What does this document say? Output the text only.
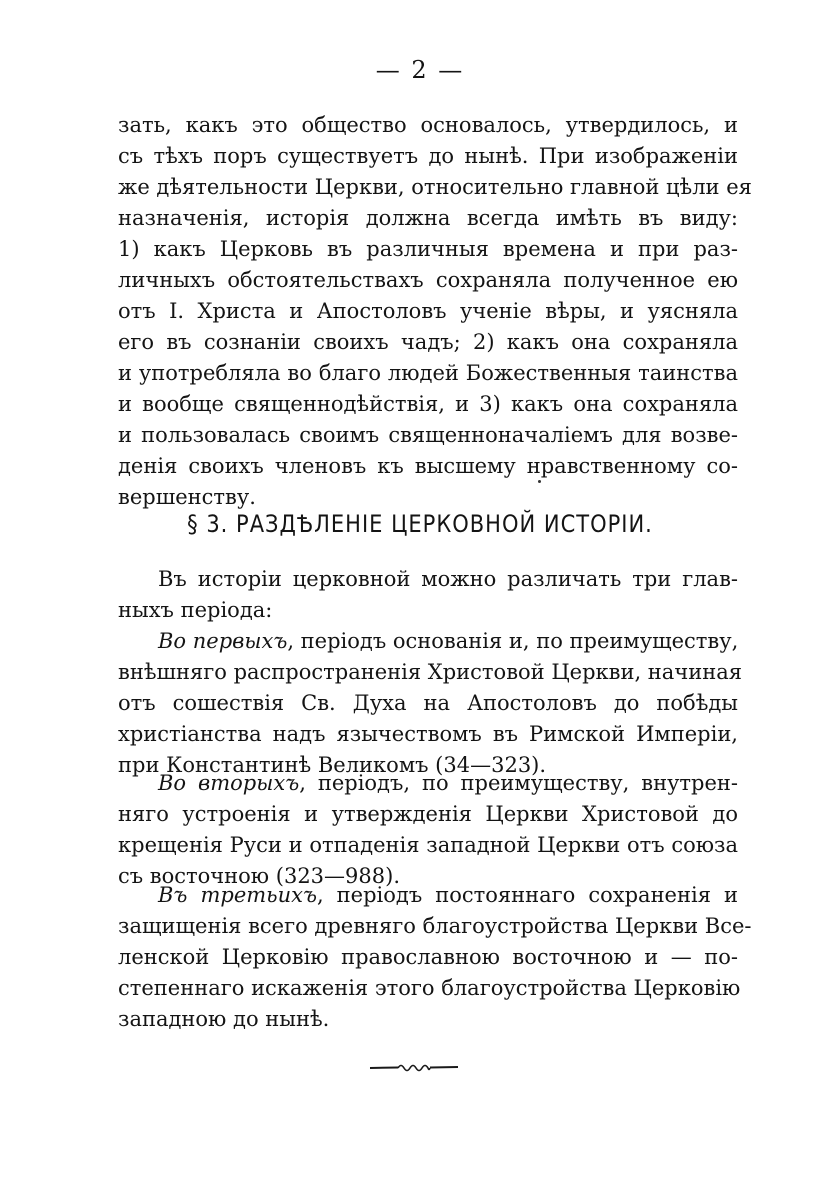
— 2 —
зать, какъ это общество основалось, утвердилось, и
съ тѣхъ поръ существуетъ до нынѣ. При изображеніи
же дѣятельности Церкви, относительно главной цѣли ея
назначенія, исторія должна всегда имѣть въ виду:
1) какъ Церковь въ различныя времена и при раз-
личныхъ обстоятельствахъ сохраняла полученное ею
отъ І. Христа и Апостоловъ ученіе вѣры, и уясняла
его въ сознаніи своихъ чадъ; 2) какъ она сохраняла
и употребляла во благо людей Божественныя таинства
и вообще священнодѣйствія, и 3) какъ она сохраняла
и пользовалась своимъ священноначаліемъ для возве-
денія своихъ членовъ къ высшему нравственному со-
вершенству.
§ 3. РАЗДѢЛЕНІЕ ЦЕРКОВНОЙ ИСТОРІИ.
Въ исторіи церковной можно различать три глав-
ныхъ періода:
Во первыхъ, періодъ основанія и, по преимуществу,
внѣшняго распространенія Христовой Церкви, начиная
отъ сошествія Св. Духа на Апостоловъ до побѣды
христіанства надъ язычествомъ въ Римской Имперіи,
при Константинѣ Великомъ (34—323).
Во вторыхъ, періодъ, по преимуществу, внутрен-
няго устроенія и утвержденія Церкви Христовой до
крещенія Руси и отпаденія западной Церкви отъ союза
съ восточною (323—988).
Въ третьихъ, періодъ постояннаго сохраненія и
защищенія всего древняго благоустройства Церкви Все-
ленской Церковію православною восточною и — по-
степеннаго искаженія этого благоустройства Церковію
западною до нынѣ.
